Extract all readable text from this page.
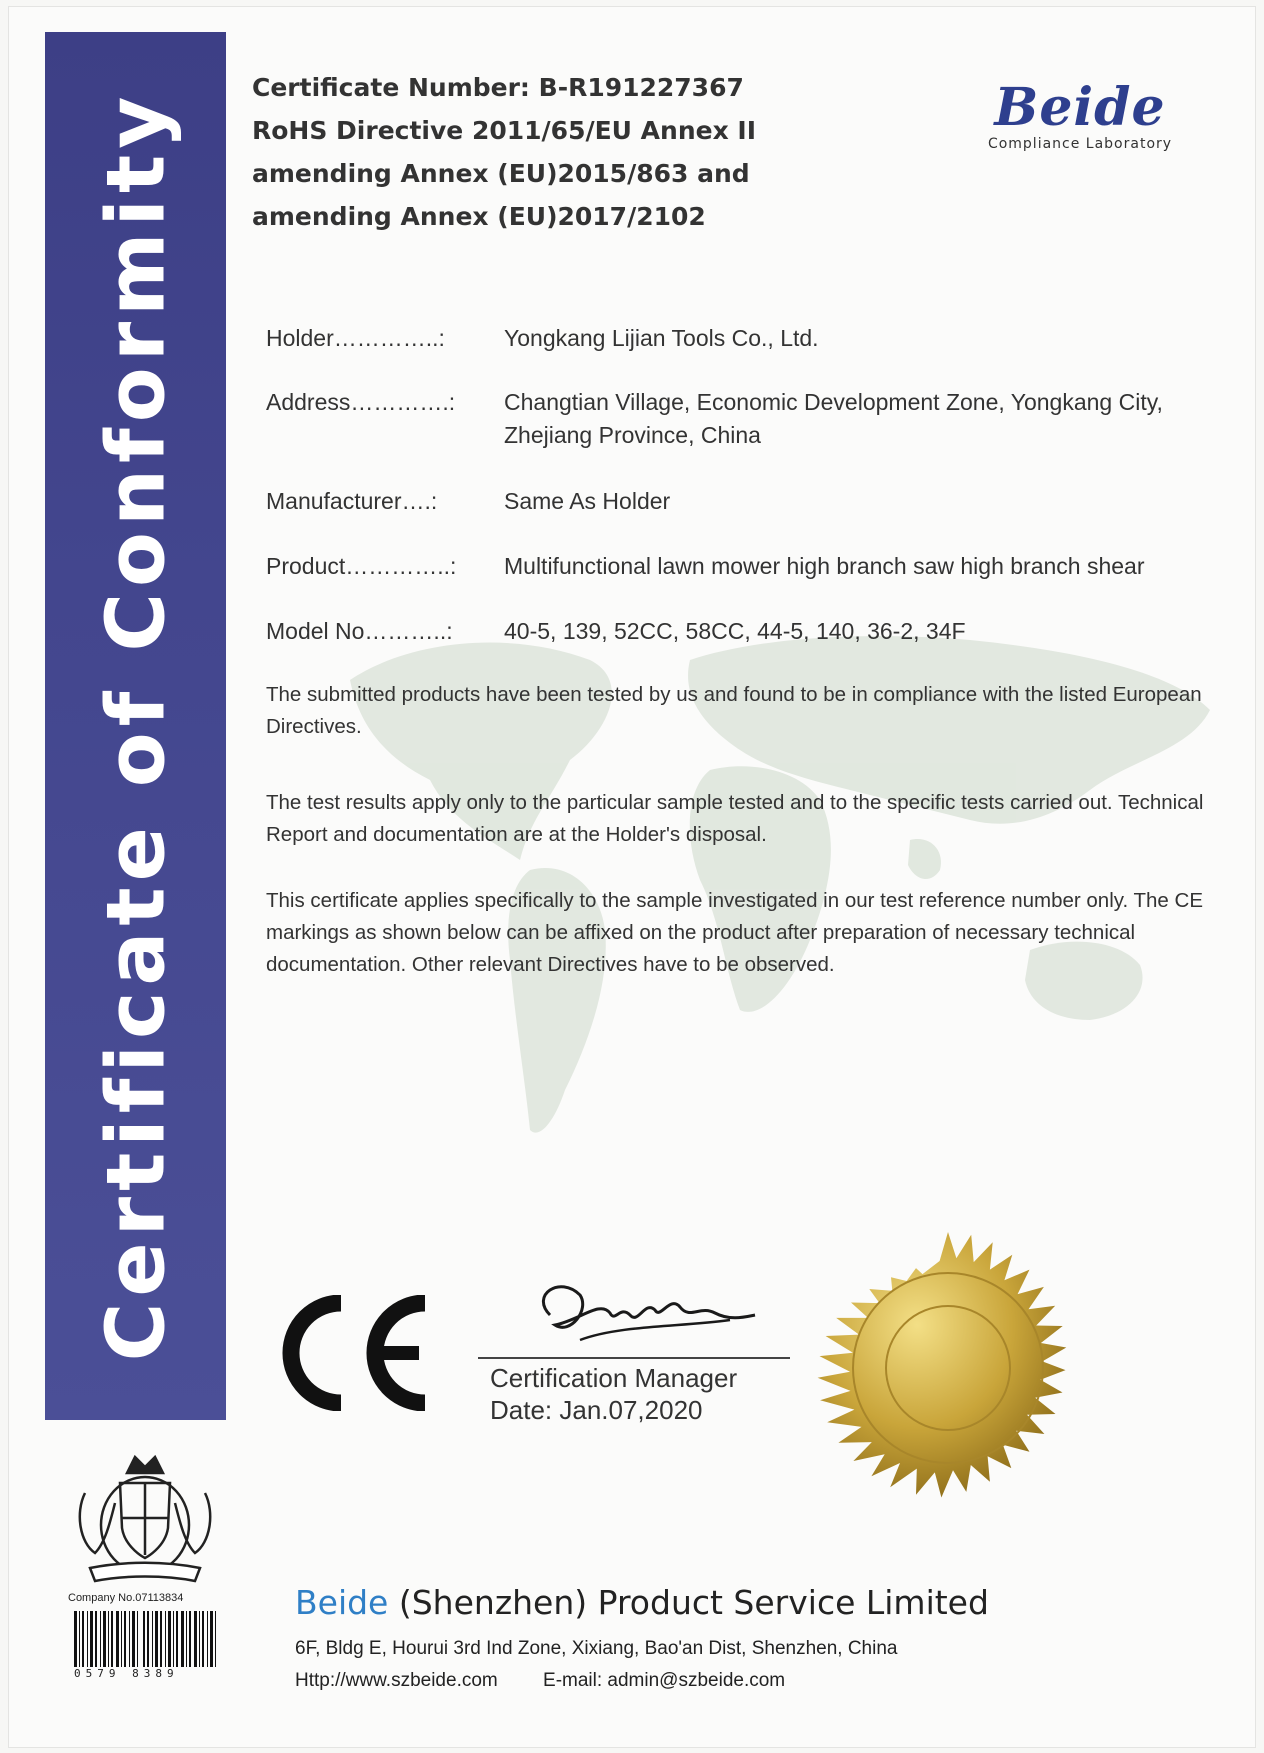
Certificate of Conformity
Certificate Number: B-R191227367
RoHS Directive 2011/65/EU Annex II
amending Annex (EU)2015/863 and
amending Annex (EU)2017/2102
Beide
Compliance Laboratory
Holder…………..:	Yongkang Lijian Tools Co., Ltd.
Address………….: Changtian Village, Economic Development Zone, Yongkang City, Zhejiang Province, China
Manufacturer….:	Same As Holder
Product…………..: Multifunctional lawn mower high branch saw high branch shear
Model No………..: 40-5, 139, 52CC, 58CC, 44-5, 140, 36-2, 34F
The submitted products have been tested by us and found to be in compliance with the listed European Directives.
The test results apply only to the particular sample tested and to the specific tests carried out. Technical Report and documentation are at the Holder's disposal.
This certificate applies specifically to the sample investigated in our test reference number only. The CE markings as shown below can be affixed on the product after preparation of necessary technical documentation. Other relevant Directives have to be observed.
Certification Manager
Date: Jan.07,2020
Company No.07113834
0579 8389
Beide (Shenzhen) Product Service Limited
6F, Bldg E, Hourui 3rd Ind Zone, Xixiang, Bao'an Dist, Shenzhen, China
Http://www.szbeide.com E-mail: admin@szbeide.com
